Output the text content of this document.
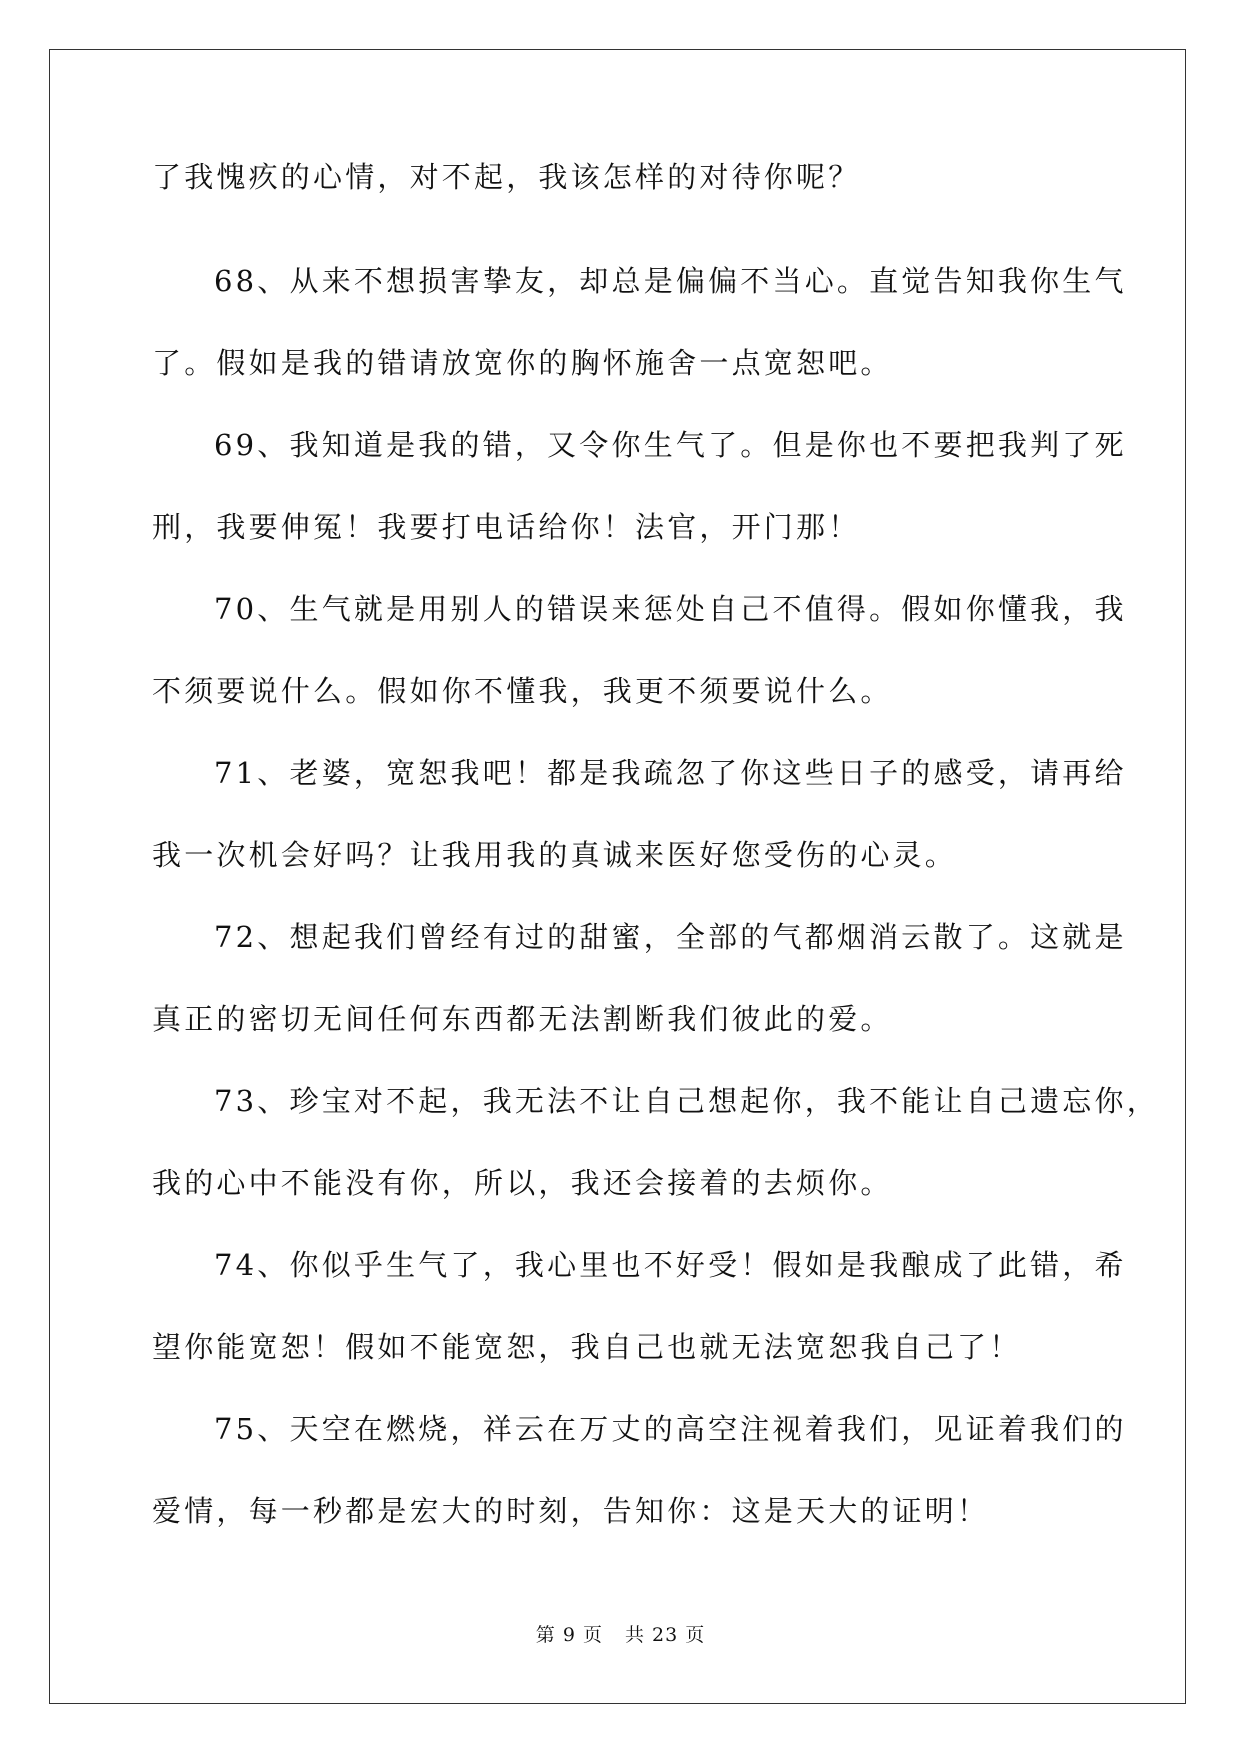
了我愧疚的心情，对不起，我该怎样的对待你呢？
68、从来不想损害挚友，却总是偏偏不当心。直觉告知我你生气
了。假如是我的错请放宽你的胸怀施舍一点宽恕吧。
69、我知道是我的错，又令你生气了。但是你也不要把我判了死
刑，我要伸冤！我要打电话给你！法官，开门那！
70、生气就是用别人的错误来惩处自己不值得。假如你懂我，我
不须要说什么。假如你不懂我，我更不须要说什么。
71、老婆，宽恕我吧！都是我疏忽了你这些日子的感受，请再给
我一次机会好吗？让我用我的真诚来医好您受伤的心灵。
72、想起我们曾经有过的甜蜜，全部的气都烟消云散了。这就是
真正的密切无间任何东西都无法割断我们彼此的爱。
73、珍宝对不起，我无法不让自己想起你，我不能让自己遗忘你，
我的心中不能没有你，所以，我还会接着的去烦你。
74、你似乎生气了，我心里也不好受！假如是我酿成了此错，希
望你能宽恕！假如不能宽恕，我自己也就无法宽恕我自己了！
75、天空在燃烧，祥云在万丈的高空注视着我们，见证着我们的
爱情，每一秒都是宏大的时刻，告知你：这是天大的证明！
第 9 页 共 23 页
